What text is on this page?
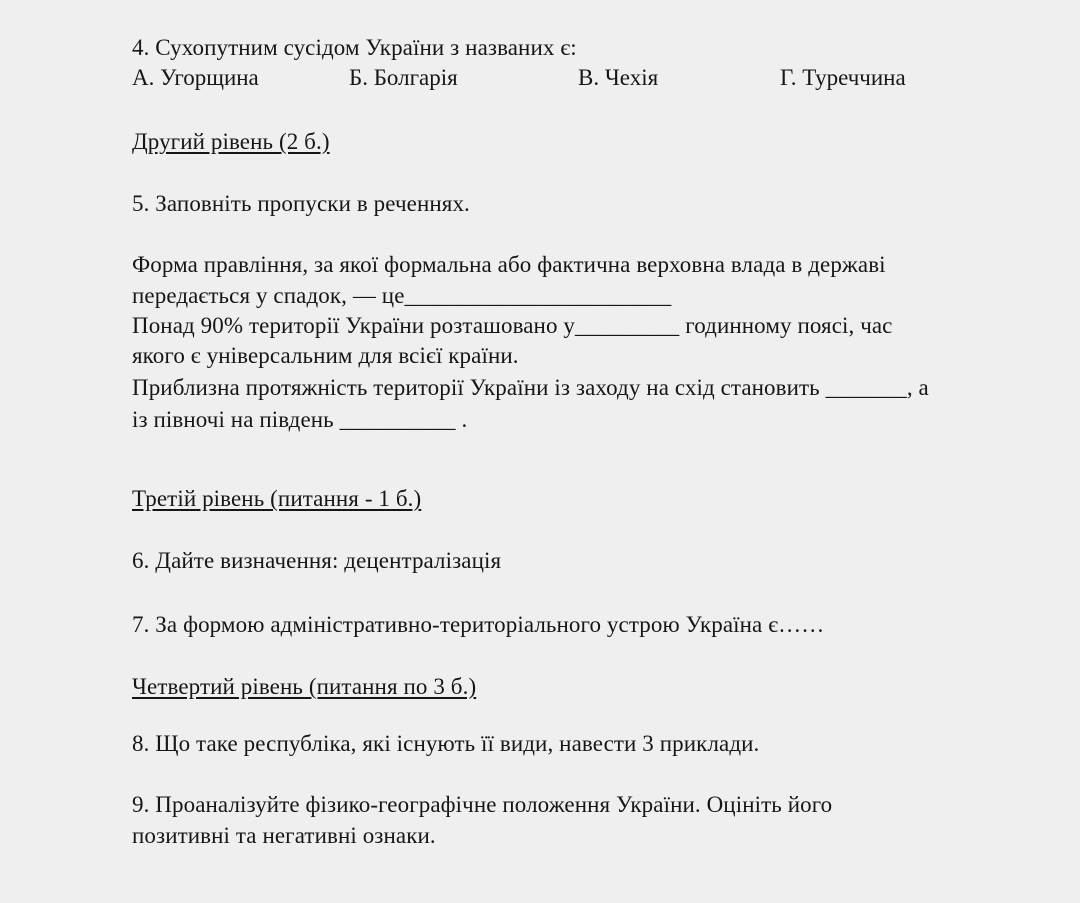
4. Сухопутним сусідом України з названих є:
А. Угорщина	Б. Болгарія	В. Чехія	Г. Туреччина
Другий рівень (2 б.)
5. Заповніть пропуски в реченнях.
Форма правління, за якої формальна або фактична верховна влада в державі
передається у спадок, — це_______________________
Понад 90% території України розташовано у_________ годинному поясі, час
якого є універсальним для всієї країни.
Приблизна протяжність території України із заходу на схід становить _______, а
із півночі на південь __________ .
Третій рівень (питання - 1 б.)
6. Дайте визначення: децентралізація
7. За формою адміністративно-територіального устрою Україна є……
Четвертий рівень (питання по 3 б.)
8. Що таке республіка, які існують її види, навести 3 приклади.
9. Проаналізуйте фізико-географічне положення України. Оцініть його
позитивні та негативні ознаки.
